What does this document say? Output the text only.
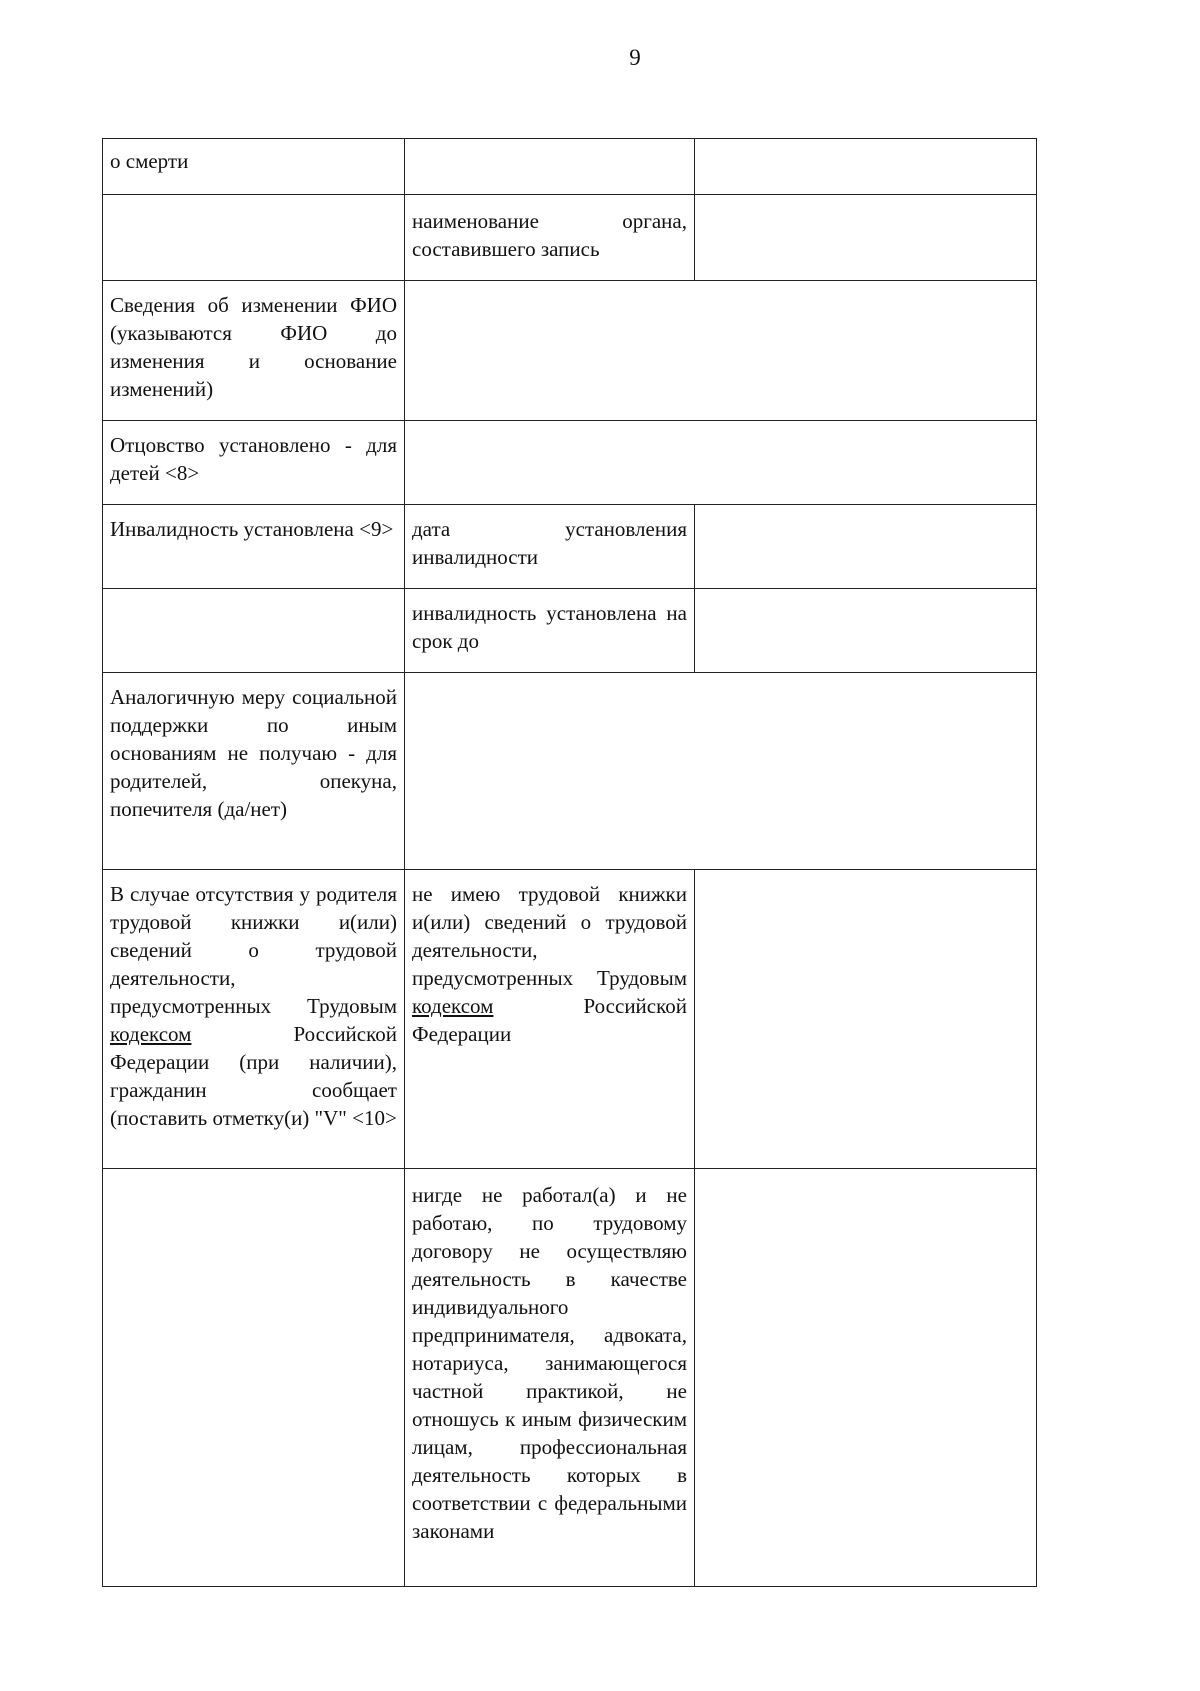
9
о смерти		
	наименование органа, составившего запись	
Сведения об изменении ФИО (указываются ФИО до изменения и основание изменений)		
Отцовство установлено - для детей <8>		
Инвалидность установлена <9>	дата установления инвалидности	
	инвалидность установлена на срок до	
Аналогичную меру социальной поддержки по иным основаниям не получаю - для родителей, опекуна, попечителя (да/нет)		
В случае отсутствия у родителя трудовой книжки и(или) сведений о трудовой деятельности, предусмотренных Трудовым кодексом Российской Федерации (при наличии), гражданин сообщает (поставить отметку(и) "V" <10>	не имею трудовой книжки и(или) сведений о трудовой деятельности, предусмотренных Трудовым кодексом Российской Федерации	
	нигде не работал(а) и не работаю, по трудовому договору не осуществляю деятельность в качестве индивидуального предпринимателя, адвоката, нотариуса, занимающегося частной практикой, не отношусь к иным физическим лицам, профессиональная деятельность которых в соответствии с федеральными законами	
